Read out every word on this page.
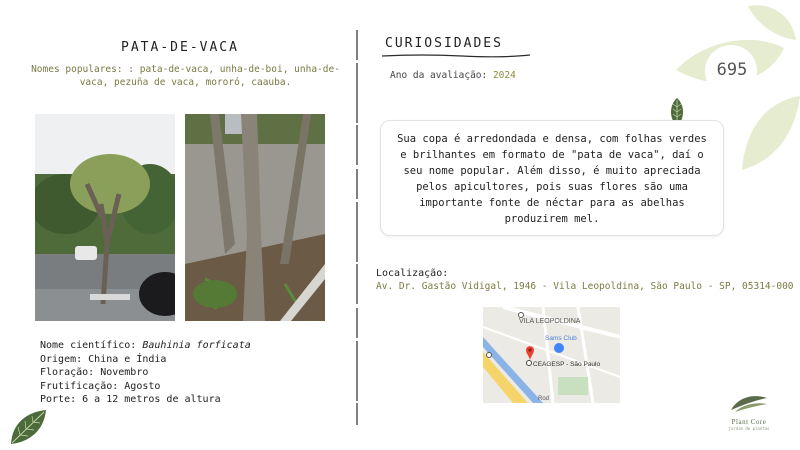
695
PATA-DE-VACA
Nomes populares: : pata-de-vaca, unha-de-boi, unha-de-vaca, pezuña de vaca, mororó, caauba.
Nome científico: Bauhinia forficata
Origem: China e Índia
Floração: Novembro
Frutificação: Agosto
Porte: 6 a 12 metros de altura
CURIOSIDADES
Ano da avaliação: 2024
Sua copa é arredondada e densa, com folhas verdes e brilhantes em formato de "pata de vaca", daí o seu nome popular. Além disso, é muito apreciada pelos apicultores, pois suas flores são uma importante fonte de néctar para as abelhas produzirem mel.
Localização:
Av. Dr. Gastão Vidigal, 1946 - Vila Leopoldina, São Paulo - SP, 05314-000
VILA LEOPOLDINA
Sams Club
CEAGESP - São Paulo
Rod
Plant Core
jardim de plantas
